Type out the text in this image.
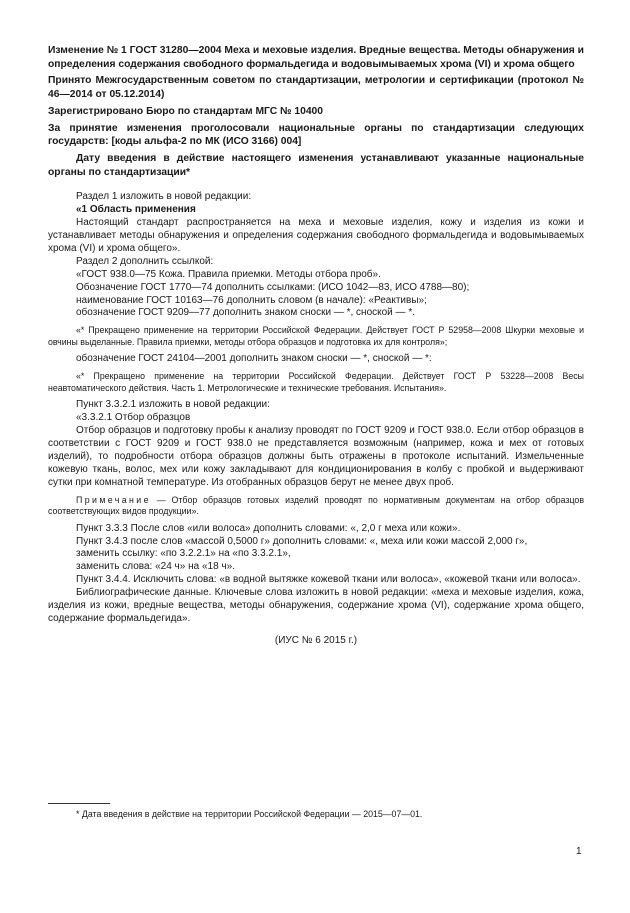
Изменение № 1 ГОСТ 31280—2004 Меха и меховые изделия. Вредные вещества. Методы обнаружения и определения содержания свободного формальдегида и водовымываемых хрома (VI) и хрома общего

Принято Межгосударственным советом по стандартизации, метрологии и сертификации (протокол № 46—2014 от 05.12.2014)

Зарегистрировано Бюро по стандартам МГС № 10400

За принятие изменения проголосовали национальные органы по стандартизации следующих государств: [коды альфа-2 по МК (ИСО 3166) 004]

Дату введения в действие настоящего изменения устанавливают указанные национальные органы по стандартизации*

Раздел 1 изложить в новой редакции:

«1 Область применения

Настоящий стандарт распространяется на меха и меховые изделия, кожу и изделия из кожи и устанавливает методы обнаружения и определения содержания свободного формальдегида и водовымываемых хрома (VI) и хрома общего».

Раздел 2 дополнить ссылкой:

«ГОСТ 938.0—75 Кожа. Правила приемки. Методы отбора проб».

Обозначение ГОСТ 1770—74 дополнить ссылками: (ИСО 1042—83, ИСО 4788—80);

наименование ГОСТ 10163—76 дополнить словом (в начале): «Реактивы»;

обозначение ГОСТ 9209—77 дополнить знаком сноски — *, сноской — *.

«* Прекращено применение на территории Российской Федерации. Действует ГОСТ Р 52958—2008 Шкурки меховые и овчины выделанные. Правила приемки, методы отбора образцов и подготовка их для контроля»;

обозначение ГОСТ 24104—2001 дополнить знаком сноски — *, сноской — *:

«* Прекращено применение на территории Российской Федерации. Действует ГОСТ Р 53228—2008 Весы неавтоматического действия. Часть 1. Метрологические и технические требования. Испытания».

Пункт 3.3.2.1 изложить в новой редакции:

«3.3.2.1 Отбор образцов

Отбор образцов и подготовку пробы к анализу проводят по ГОСТ 9209 и ГОСТ 938.0. Если отбор образцов в соответствии с ГОСТ 9209 и ГОСТ 938.0 не представляется возможным (например, кожа и мех от готовых изделий), то подробности отбора образцов должны быть отражены в протоколе испытаний. Измельченные кожевую ткань, волос, мех или кожу закладывают для кондиционирования в колбу с пробкой и выдерживают сутки при комнатной температуре. Из отобранных образцов берут не менее двух проб.

Примечание — Отбор образцов готовых изделий проводят по нормативным документам на отбор образцов соответствующих видов продукции».

Пункт 3.3.3 После слов «или волоса» дополнить словами: «, 2,0 г меха или кожи».

Пункт 3.4.3 после слов «массой 0,5000 г» дополнить словами: «, меха или кожи массой 2,000 г»,

заменить ссылку: «по 3.2.2.1» на «по 3.3.2.1»,

заменить слова: «24 ч» на «18 ч».

Пункт 3.4.4. Исключить слова: «в водной вытяжке кожевой ткани или волоса», «кожевой ткани или волоса».

Библиографические данные. Ключевые слова изложить в новой редакции: «меха и меховые изделия, кожа, изделия из кожи, вредные вещества, методы обнаружения, содержание хрома (VI), содержание хрома общего, содержание формальдегида».

(ИУС № 6 2015 г.)

* Дата введения в действие на территории Российской Федерации — 2015—07—01.
1
